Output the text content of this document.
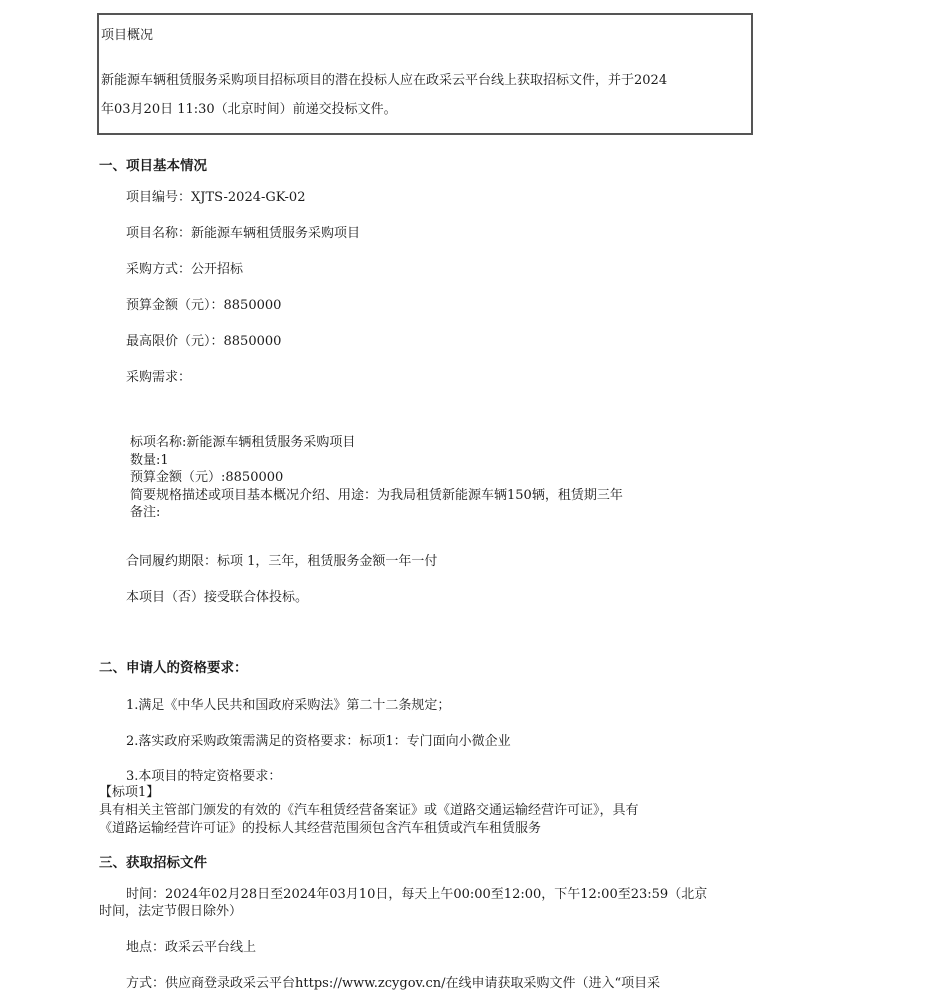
项目概况
新能源车辆租赁服务采购项目招标项目的潜在投标人应在政采云平台线上获取招标文件，并于2024
年03月20日 11:30（北京时间）前递交投标文件。
一、项目基本情况
项目编号：XJTS-2024-GK-02
项目名称：新能源车辆租赁服务采购项目
采购方式：公开招标
预算金额（元）：8850000
最高限价（元）：8850000
采购需求：
标项名称:新能源车辆租赁服务采购项目
数量:1
预算金额（元）:8850000
简要规格描述或项目基本概况介绍、用途：为我局租赁新能源车辆150辆，租赁期三年
备注:
合同履约期限：标项 1，三年，租赁服务金额一年一付
本项目（否）接受联合体投标。
二、申请人的资格要求：
1.满足《中华人民共和国政府采购法》第二十二条规定；
2.落实政府采购政策需满足的资格要求：标项1：专门面向小微企业
3.本项目的特定资格要求：
【标项1】
具有相关主管部门颁发的有效的《汽车租赁经营备案证》或《道路交通运输经营许可证》，具有
《道路运输经营许可证》的投标人其经营范围须包含汽车租赁或汽车租赁服务
三、获取招标文件
时间：2024年02月28日至2024年03月10日，每天上午00:00至12:00，下午12:00至23:59（北京
时间，法定节假日除外）
地点：政采云平台线上
方式：供应商登录政采云平台https://www.zcygov.cn/在线申请获取采购文件（进入“项目采
